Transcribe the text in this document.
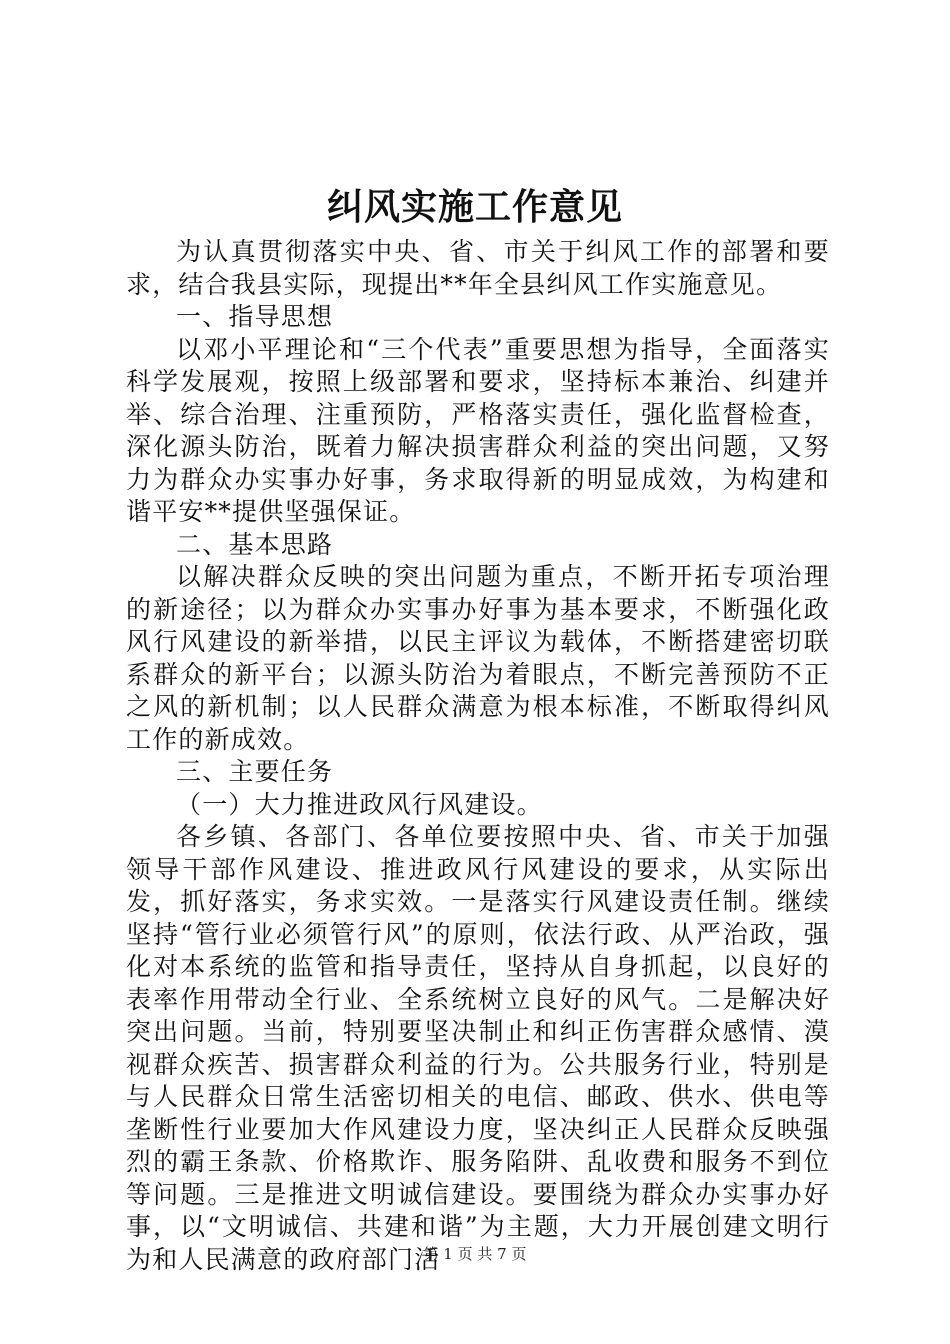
纠风实施工作意见

为认真贯彻落实中央、省、市关于纠风工作的部署和要求，结合我县实际，现提出**年全县纠风工作实施意见。

一、指导思想

以邓小平理论和“三个代表”重要思想为指导，全面落实科学发展观，按照上级部署和要求，坚持标本兼治、纠建并举、综合治理、注重预防，严格落实责任，强化监督检查，深化源头防治，既着力解决损害群众利益的突出问题，又努力为群众办实事办好事，务求取得新的明显成效，为构建和谐平安**提供坚强保证。

二、基本思路

以解决群众反映的突出问题为重点，不断开拓专项治理的新途径；以为群众办实事办好事为基本要求，不断强化政风行风建设的新举措，以民主评议为载体，不断搭建密切联系群众的新平台；以源头防治为着眼点，不断完善预防不正之风的新机制；以人民群众满意为根本标准，不断取得纠风工作的新成效。

三、主要任务

（一）大力推进政风行风建设。

各乡镇、各部门、各单位要按照中央、省、市关于加强领导干部作风建设、推进政风行风建设的要求，从实际出发，抓好落实，务求实效。一是落实行风建设责任制。继续坚持“管行业必须管行风”的原则，依法行政、从严治政，强化对本系统的监管和指导责任，坚持从自身抓起，以良好的表率作用带动全行业、全系统树立良好的风气。二是解决好突出问题。当前，特别要坚决制止和纠正伤害群众感情、漠视群众疾苦、损害群众利益的行为。公共服务行业，特别是与人民群众日常生活密切相关的电信、邮政、供水、供电等垄断性行业要加大作风建设力度，坚决纠正人民群众反映强烈的霸王条款、价格欺诈、服务陷阱、乱收费和服务不到位等问题。三是推进文明诚信建设。要围绕为群众办实事办好事，以“文明诚信、共建和谐”为主题，大力开展创建文明行为和人民满意的政府部门活

第 1 页 共 7 页
